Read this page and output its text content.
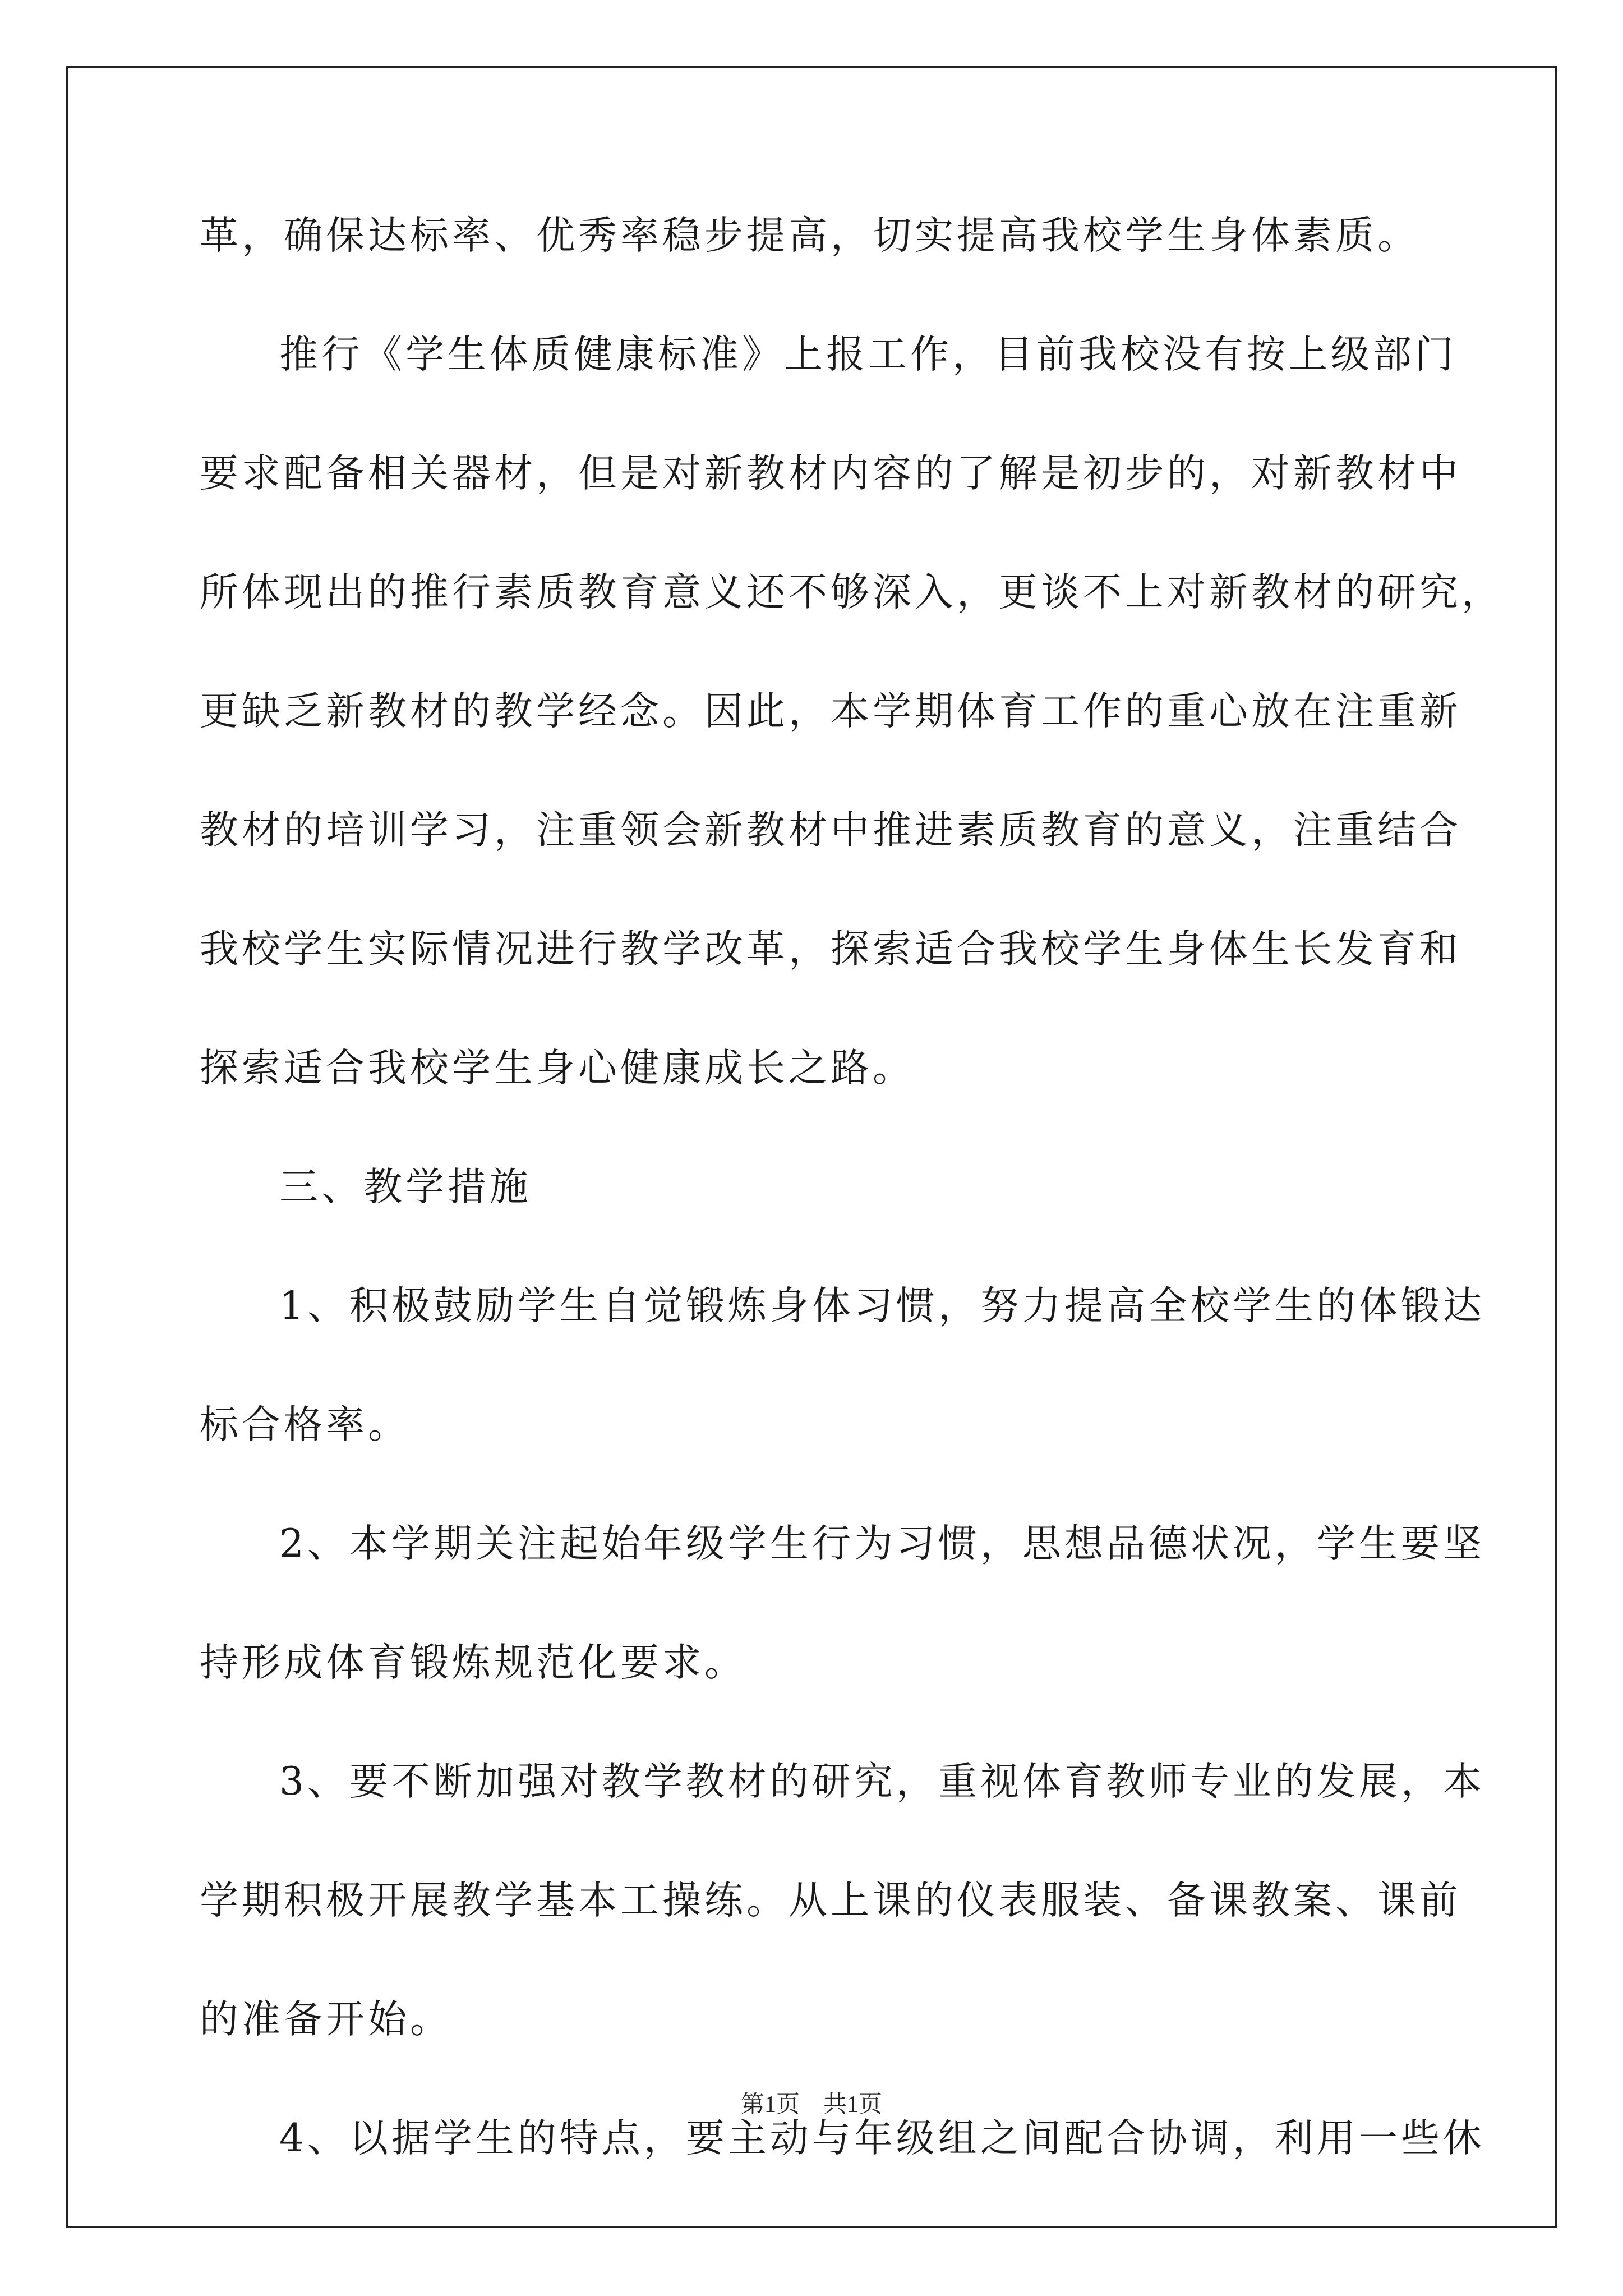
革，确保达标率、优秀率稳步提高，切实提高我校学生身体素质。
推行《学生体质健康标准》上报工作，目前我校没有按上级部门
要求配备相关器材，但是对新教材内容的了解是初步的，对新教材中
所体现出的推行素质教育意义还不够深入，更谈不上对新教材的研究，
更缺乏新教材的教学经念。因此，本学期体育工作的重心放在注重新
教材的培训学习，注重领会新教材中推进素质教育的意义，注重结合
我校学生实际情况进行教学改革，探索适合我校学生身体生长发育和
探索适合我校学生身心健康成长之路。
三、教学措施
1、积极鼓励学生自觉锻炼身体习惯，努力提高全校学生的体锻达
标合格率。
2、本学期关注起始年级学生行为习惯，思想品德状况，学生要坚
持形成体育锻炼规范化要求。
3、要不断加强对教学教材的研究，重视体育教师专业的发展，本
学期积极开展教学基本工操练。从上课的仪表服装、备课教案、课前
的准备开始。
4、以据学生的特点，要主动与年级组之间配合协调，利用一些休
第1页 共1页
